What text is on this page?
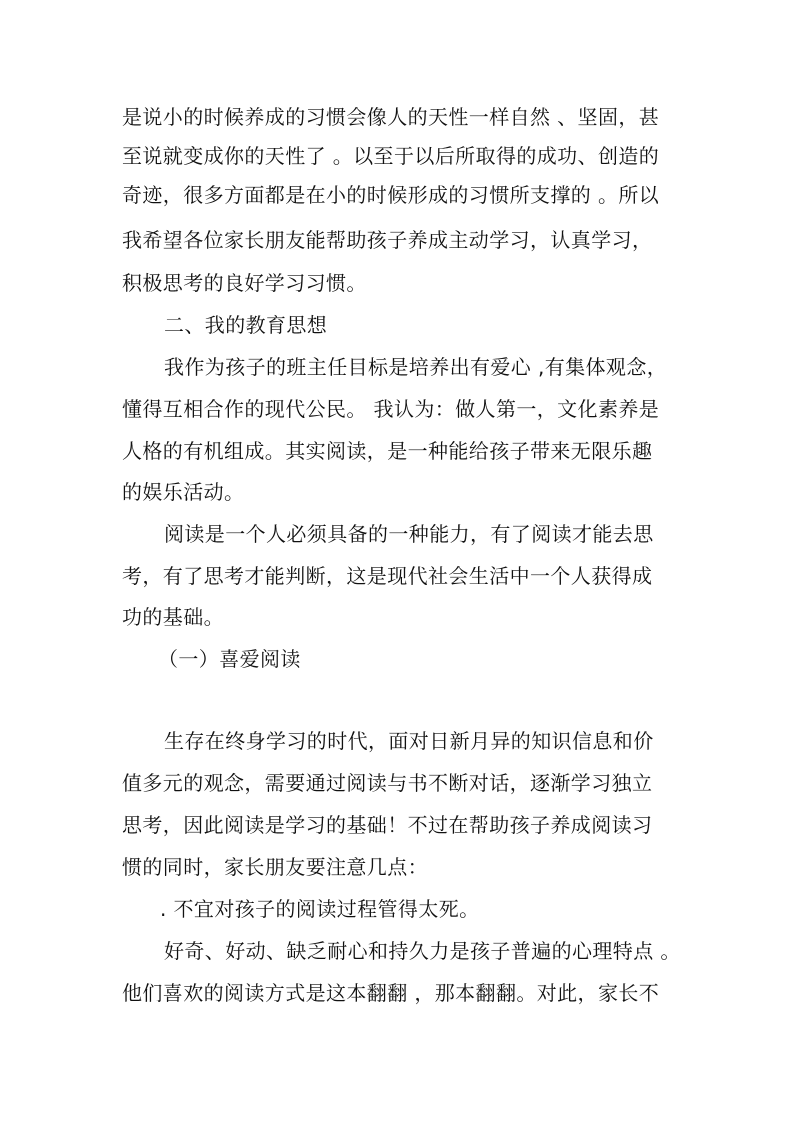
是说小的时候养成的习惯会像人的天性一样自然 、坚固，甚
至说就变成你的天性了 。以至于以后所取得的成功、创造的
奇迹，很多方面都是在小的时候形成的习惯所支撑的 。所以
我希望各位家长朋友能帮助孩子养成主动学习，认真学习，
积极思考的良好学习习惯。
二、我的教育思想
我作为孩子的班主任目标是培养出有爱心 ,有集体观念，
懂得互相合作的现代公民。 我认为：做人第一，文化素养是
人格的有机组成。其实阅读，是一种能给孩子带来无限乐趣
的娱乐活动。
阅读是一个人必须具备的一种能力，有了阅读才能去思
考，有了思考才能判断，这是现代社会生活中一个人获得成
功的基础。
（一）喜爱阅读
生存在终身学习的时代，面对日新月异的知识信息和价
值多元的观念，需要通过阅读与书不断对话，逐渐学习独立
思考，因此阅读是学习的基础！不过在帮助孩子养成阅读习
惯的同时，家长朋友要注意几点：
. 不宜对孩子的阅读过程管得太死。
好奇、好动、缺乏耐心和持久力是孩子普遍的心理特点 。
他们喜欢的阅读方式是这本翻翻 ，那本翻翻。对此，家长不
